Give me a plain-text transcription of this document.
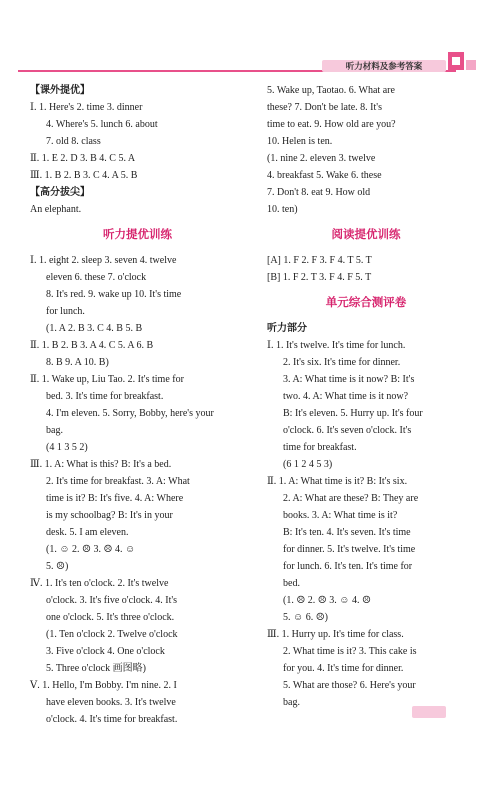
听力材料及参考答案
【课外提优】
Ⅰ. 1. Here's 2. time 3. dinner
4. Where's 5. lunch 6. about
7. old 8. class
Ⅱ. 1. E 2. D 3. B 4. C 5. A
Ⅲ. 1. B 2. B 3. C 4. A 5. B
【高分拔尖】
An elephant.
听力提优训练
Ⅰ. 1. eight 2. sleep 3. seven 4. twelve
eleven 6. these 7. o'clock
8. It's red. 9. wake up 10. It's time
for lunch.
(1. A 2. B 3. C 4. B 5. B
Ⅱ. 1. B 2. B 3. A 4. C 5. A 6. B
8. B 9. A 10. B)
Ⅱ. 1. Wake up, Liu Tao. 2. It's time for
bed. 3. It's time for breakfast.
4. I'm eleven. 5. Sorry, Bobby, here's your
bag.
(4 1 3 5 2)
Ⅲ. 1. A: What is this? B: It's a bed.
2. It's time for breakfast. 3. A: What
time is it? B: It's five. 4. A: Where
is my schoolbag? B: It's in your
desk. 5. I am eleven.
(1. ☺ 2. ☹ 3. ☹ 4. ☺
5. ☹)
Ⅳ. 1. It's ten o'clock. 2. It's twelve
o'clock. 3. It's five o'clock. 4. It's
one o'clock. 5. It's three o'clock.
(1. Ten o'clock 2. Twelve o'clock
3. Five o'clock 4. One o'clock
5. Three o'clock 画图略)
Ⅴ. 1. Hello, I'm Bobby. I'm nine. 2. I
have eleven books. 3. It's twelve
o'clock. 4. It's time for breakfast.
5. Wake up, Taotao. 6. What are
these? 7. Don't be late. 8. It's
time to eat. 9. How old are you?
10. Helen is ten.
(1. nine 2. eleven 3. twelve
4. breakfast 5. Wake 6. these
7. Don't 8. eat 9. How old
10. ten)
阅读提优训练
[A] 1. F 2. F 3. F 4. T 5. T
[B] 1. F 2. T 3. F 4. F 5. T
单元综合测评卷
听力部分
Ⅰ. 1. It's twelve. It's time for lunch.
2. It's six. It's time for dinner.
3. A: What time is it now? B: It's
two. 4. A: What time is it now?
B: It's eleven. 5. Hurry up. It's four
o'clock. 6. It's seven o'clock. It's
time for breakfast.
(6 1 2 4 5 3)
Ⅱ. 1. A: What time is it? B: It's six.
2. A: What are these? B: They are
books. 3. A: What time is it?
B: It's ten. 4. It's seven. It's time
for dinner. 5. It's twelve. It's time
for lunch. 6. It's ten. It's time for
bed.
(1. ☹ 2. ☹ 3. ☺ 4. ☹
5. ☺ 6. ☹)
Ⅲ. 1. Hurry up. It's time for class.
2. What time is it? 3. This cake is
for you. 4. It's time for dinner.
5. What are those? 6. Here's your
bag.
